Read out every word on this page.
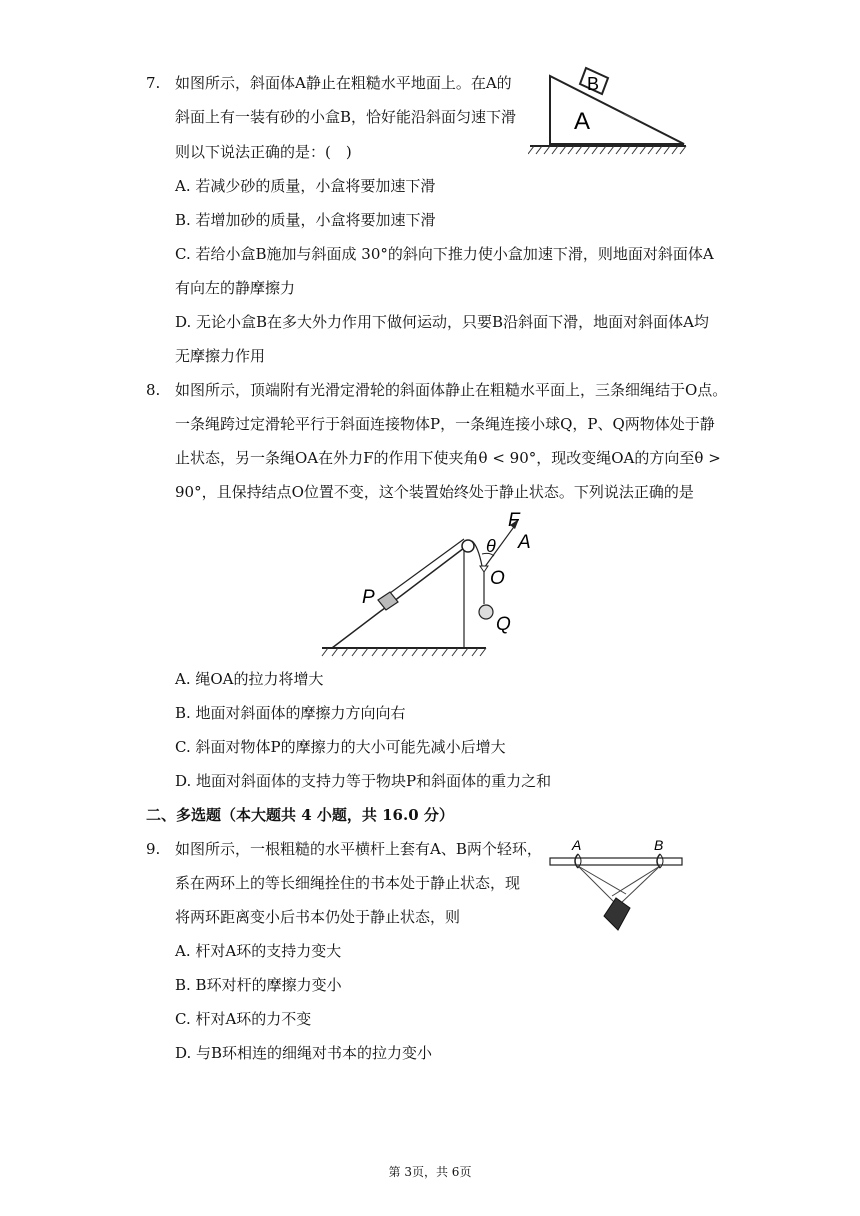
7. 如图所示，斜面体A静止在粗糙水平地面上。在A的
斜面上有一装有砂的小盒B，恰好能沿斜面匀速下滑
则以下说法正确的是：( )
A. 若减少砂的质量，小盒将要加速下滑
B. 若增加砂的质量，小盒将要加速下滑
C. 若给小盒B施加与斜面成 30°的斜向下推力使小盒加速下滑，则地面对斜面体A
有向左的静摩擦力
D. 无论小盒B在多大外力作用下做何运动，只要B沿斜面下滑，地面对斜面体A均
无摩擦力作用
A
B
8. 如图所示，顶端附有光滑定滑轮的斜面体静止在粗糙水平面上，三条细绳结于O点。
一条绳跨过定滑轮平行于斜面连接物体P，一条绳连接小球Q，P、Q两物体处于静
止状态，另一条绳OA在外力F的作用下使夹角θ < 90°，现改变绳OA的方向至θ >
90°，且保持结点O位置不变，这个装置始终处于静止状态。下列说法正确的是
P
Q
O
θ
F
A
A. 绳OA的拉力将增大
B. 地面对斜面体的摩擦力方向向右
C. 斜面对物体P的摩擦力的大小可能先减小后增大
D. 地面对斜面体的支持力等于物块P和斜面体的重力之和
二、多选题（本大题共 4 小题，共 16.0 分）
9. 如图所示，一根粗糙的水平横杆上套有A、B两个轻环，
系在两环上的等长细绳拴住的书本处于静止状态，现
将两环距离变小后书本仍处于静止状态，则
A. 杆对A环的支持力变大
B. B环对杆的摩擦力变小
C. 杆对A环的力不变
D. 与B环相连的细绳对书本的拉力变小
A	B
第 3页，共 6页
